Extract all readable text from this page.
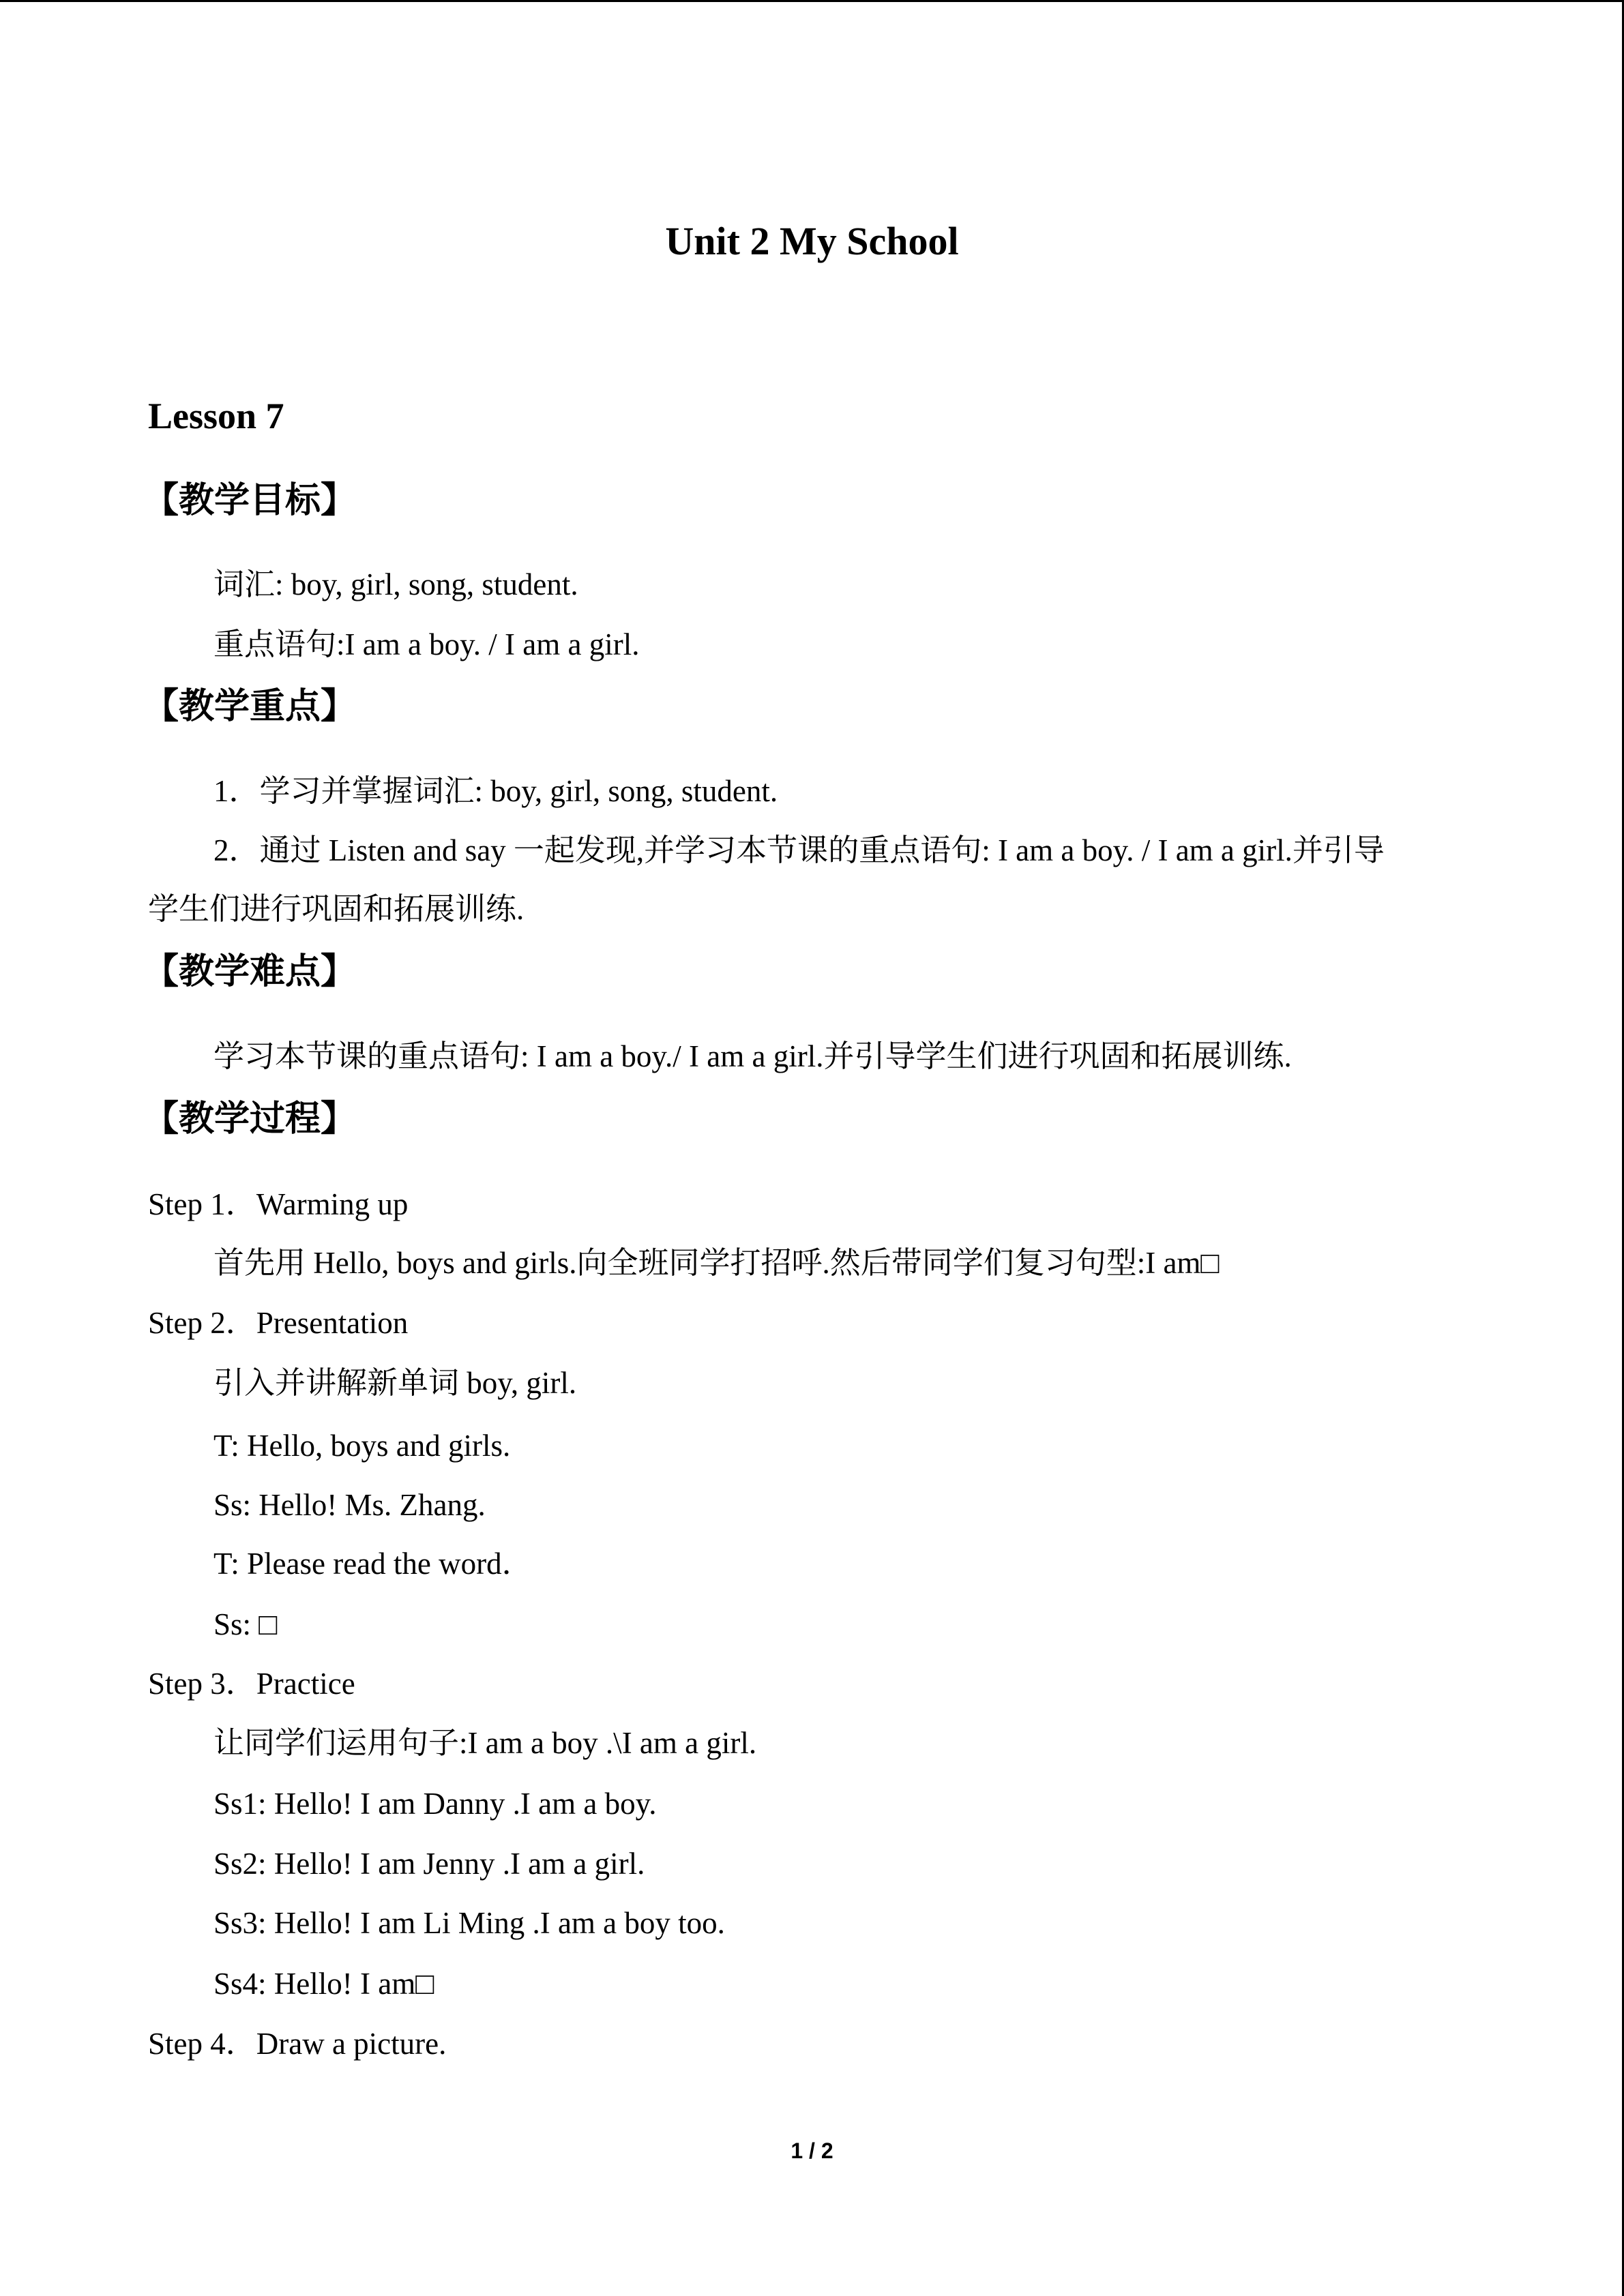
Unit 2 My School
Lesson 7
【教学目标】
词汇: boy, girl, song, student.
重点语句:I am a boy. / I am a girl.
【教学重点】
1．学习并掌握词汇: boy, girl, song, student.
2．通过 Listen and say 一起发现,并学习本节课的重点语句: I am a boy. / I am a girl.并引导
学生们进行巩固和拓展训练.
【教学难点】
学习本节课的重点语句: I am a boy./ I am a girl.并引导学生们进行巩固和拓展训练.
【教学过程】
Step 1．Warming up
首先用 Hello, boys and girls.向全班同学打招呼.然后带同学们复习句型:I am□
Step 2．Presentation
引入并讲解新单词 boy, girl.
T: Hello, boys and girls.
Ss: Hello! Ms. Zhang.
T: Please read the word．
Ss: □
Step 3．Practice
让同学们运用句子:I am a boy .\I am a girl.
Ss1: Hello! I am Danny .I am a boy.
Ss2: Hello! I am Jenny .I am a girl.
Ss3: Hello! I am Li Ming .I am a boy too.
Ss4: Hello! I am□
Step 4．Draw a picture.
1 / 2
